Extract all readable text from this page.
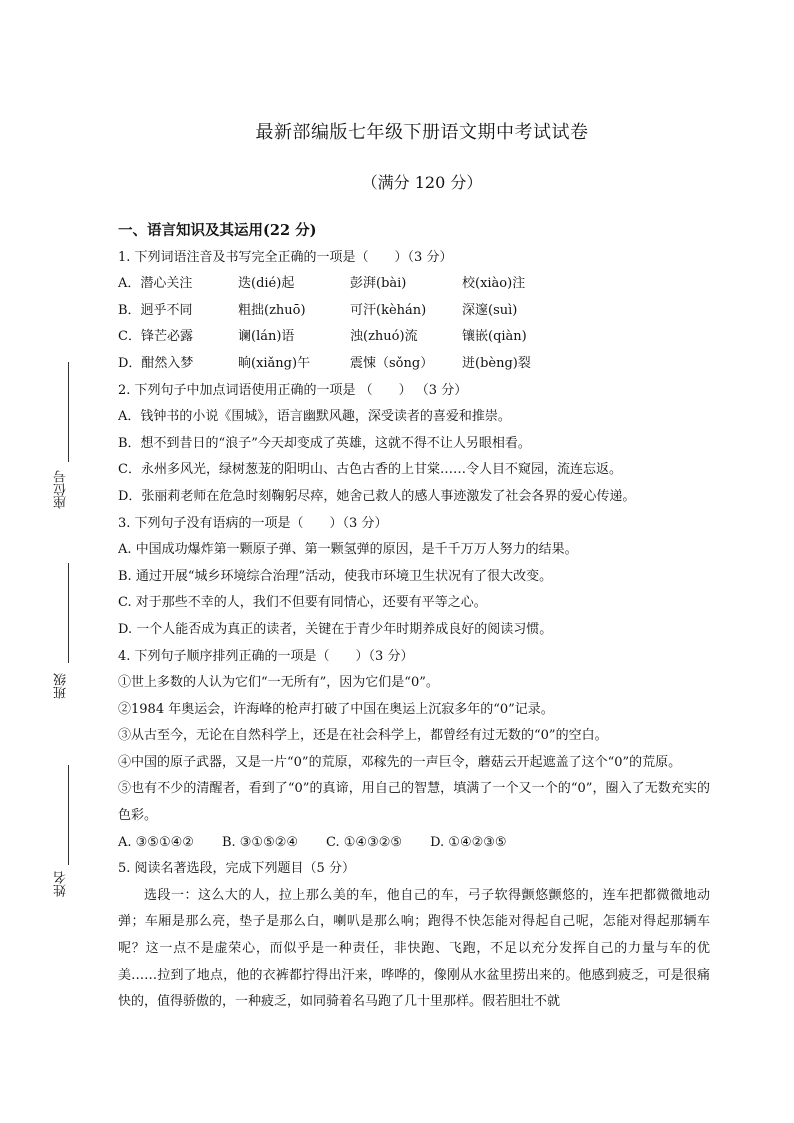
座位号
班级
姓名
最新部编版七年级下册语文期中考试试卷
（满分 120 分）
一、语言知识及其运用(22 分)
1. 下列词语注音及书写完全正确的一项是（　　）（3 分）
A．潜心关注	迭(dié)起	彭湃(bài)	校(xiào)注
B．迥乎不同	粗拙(zhuō)	可汗(kèhán)	深邃(suì)
C．锋芒必露	谰(lán)语	浊(zhuó)流	镶嵌(qiàn)
D．酣然入梦	晌(xiǎng)午	震悚（sǒng）	迸(bèng)裂
2. 下列句子中加点词语使用正确的一项是 （　　） （3 分）
A．钱钟书的小说《围城》，语言幽默风趣，深受读者的喜爱和推崇。
B．想不到昔日的“浪子”今天却变成了英雄，这就不得不让人另眼相看。
C．永州多风光，绿树葱茏的阳明山、古色古香的上甘棠……令人目不窥园，流连忘返。
D．张丽莉老师在危急时刻鞠躬尽瘁，她舍己救人的感人事迹激发了社会各界的爱心传递。
3. 下列句子没有语病的一项是（　　）（3 分）
A. 中国成功爆炸第一颗原子弹、第一颗氢弹的原因，是千千万万人努力的结果。
B. 通过开展“城乡环境综合治理”活动，使我市环境卫生状况有了很大改变。
C. 对于那些不幸的人，我们不但要有同情心，还要有平等之心。
D. 一个人能否成为真正的读者，关键在于青少年时期养成良好的阅读习惯。
4. 下列句子顺序排列正确的一项是（　　）（3 分）
①世上多数的人认为它们“一无所有”，因为它们是“0”。
②1984 年奥运会，许海峰的枪声打破了中国在奥运上沉寂多年的“0”记录。
③从古至今，无论在自然科学上，还是在社会科学上，都曾经有过无数的“0”的空白。
④中国的原子武器，又是一片“0”的荒原，邓稼先的一声巨令，蘑菇云开起遮盖了这个“0”的荒原。
⑤也有不少的清醒者，看到了“0”的真谛，用自己的智慧，填满了一个又一个的“0”，圈入了无数充实的色彩。
A. ③⑤①④② B. ③①⑤②④ C. ①④③②⑤ D. ①④②③⑤
5. 阅读名著选段，完成下列题目（5 分）
选段一：这么大的人，拉上那么美的车，他自己的车，弓子软得颤悠颤悠的，连车把都微微地动弹；车厢是那么亮，垫子是那么白，喇叭是那么响；跑得不快怎能对得起自己呢，怎能对得起那辆车呢？这一点不是虚荣心，而似乎是一种责任，非快跑、飞跑，不足以充分发挥自己的力量与车的优美……拉到了地点，他的衣裤都拧得出汗来，哗哗的，像刚从水盆里捞出来的。他感到疲乏，可是很痛快的，值得骄傲的，一种疲乏，如同骑着名马跑了几十里那样。假若胆壮不就
